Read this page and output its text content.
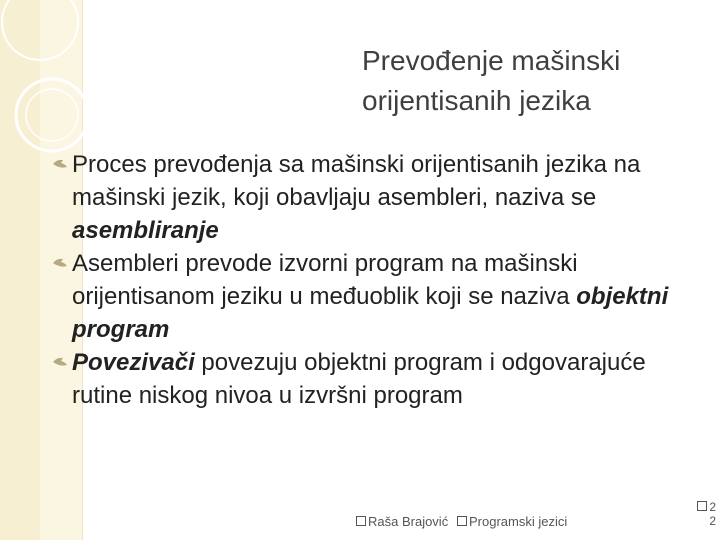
Prevođenje mašinski
orijentisanih jezika
Proces prevođenja sa mašinski orijentisanih jezika na mašinski jezik, koji obavljaju asembleri, naziva se asembliranje
Asembleri prevode izvorni program na mašinski orijentisanom jeziku u međuoblik koji se naziva objektni program
Povezivači povezuju objektni program i odgovarajuće rutine niskog nivoa u izvršni program
Raša Brajović	Programski jezici
2
2
